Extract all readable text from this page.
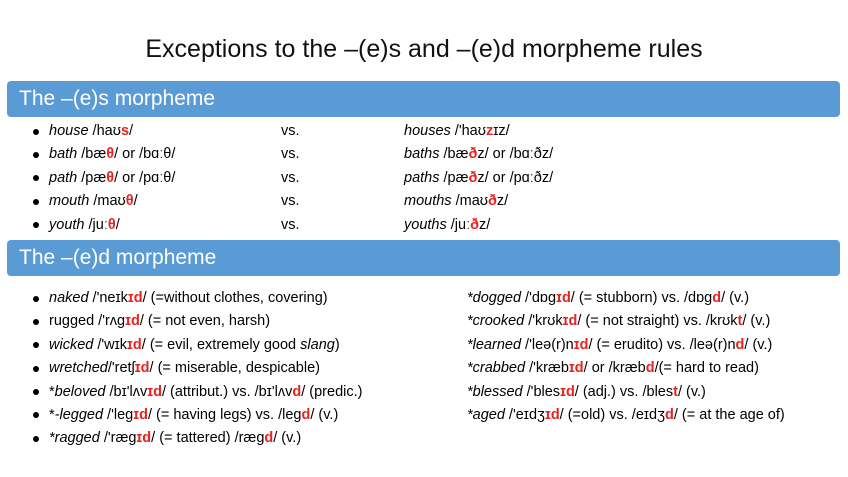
Exceptions to the –(e)s and –(e)d morpheme rules
The –(e)s morpheme
house /haʊs/
bath /bæθ/ or /bɑːθ/
path /pæθ/ or /pɑːθ/
mouth /maʊθ/
youth /juːθ/
vs.
vs.
vs.
vs.
vs.
houses /'haʊzɪz/
baths /bæðz/ or /bɑːðz/
paths /pæðz/ or /pɑːðz/
mouths /maʊðz/
youths /juːðz/
The –(e)d morpheme
naked /'neɪkɪd/ (=without clothes, covering)
rugged /'rʌgɪd/ (= not even, harsh)
wicked /'wɪkɪd/ (= evil, extremely good slang)
wretched/'retʃɪd/ (= miserable, despicable)
*beloved /bɪ'lʌvɪd/ (attribut.) vs. /bɪ'lʌvd/ (predic.)
*-legged /'legɪd/ (= having legs) vs. /legd/ (v.)
*ragged /'rægɪd/ (= tattered) /rægd/ (v.)
*dogged /'dɒgɪd/ (= stubborn) vs. /dɒgd/ (v.)
*crooked /'krʊkɪd/ (= not straight) vs. /krʊkt/ (v.)
*learned /'leə(r)nɪd/ (= erudito) vs. /leə(r)nd/ (v.)
*crabbed /'kræbɪd/ or /kræbd/(= hard to read)
*blessed /'blesɪd/ (adj.) vs. /blest/ (v.)
*aged /'eɪdʒɪd/ (=old) vs. /eɪdʒd/ (= at the age of)
